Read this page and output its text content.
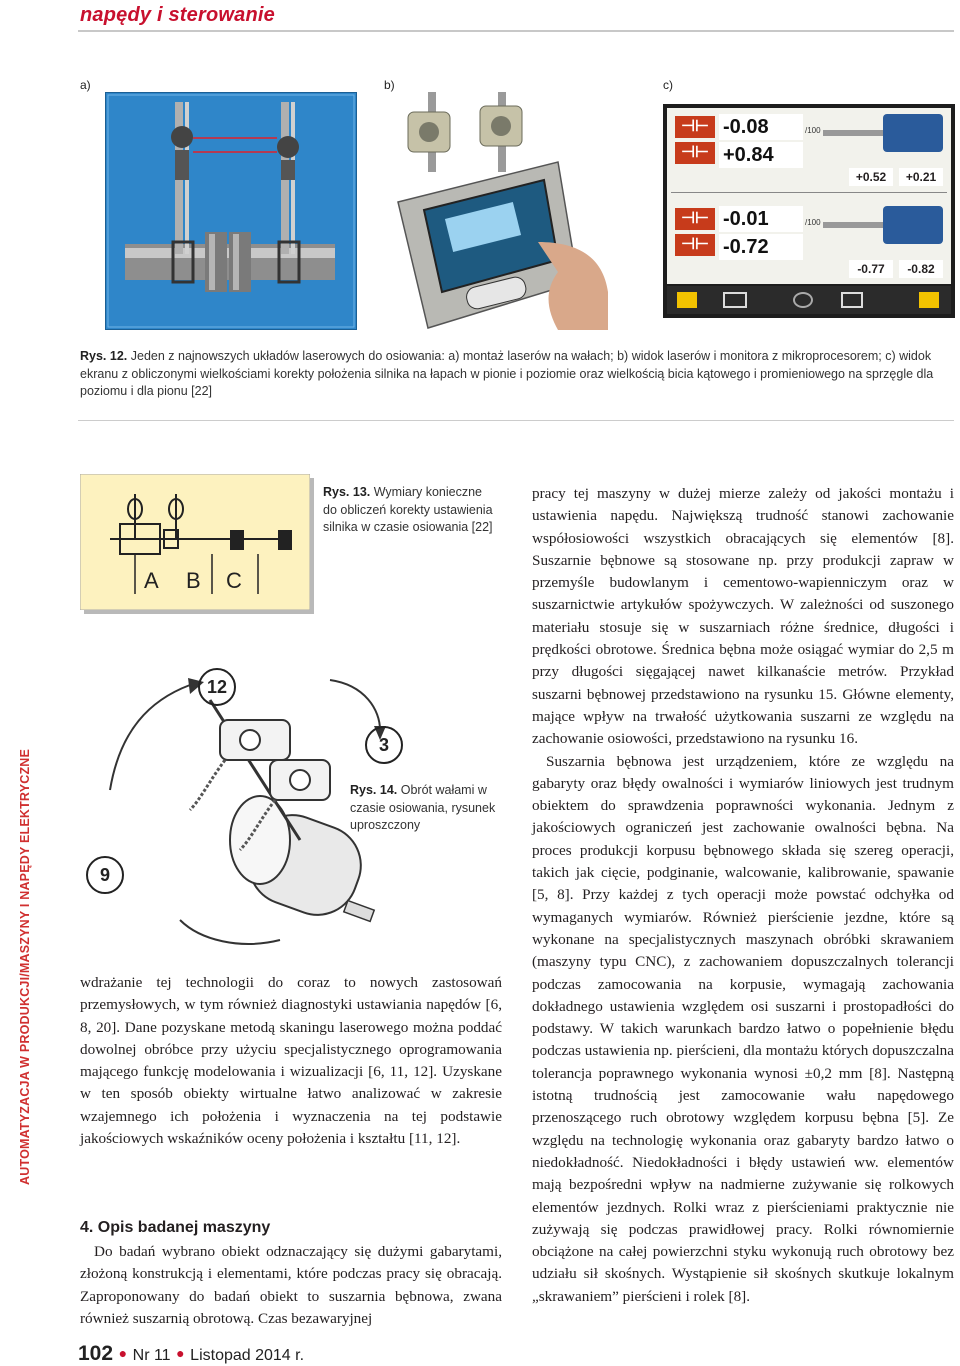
napędy i sterowanie
a)	b)	c)
⊣⊢
⊣⊢
-0.08
+0.84
/100
+0.52	+0.21
⊣⊢
⊣⊢
-0.01
-0.72
/100
-0.77	-0.82
Rys. 12. Jeden z najnowszych układów laserowych do osiowania: a) montaż laserów na wałach; b) widok laserów i monitora z mikroprocesorem; c) widok ekranu z obliczonymi wielkościami korekty położenia silnika na łapach w pionie i poziomie oraz wielkością bicia kątowego i promieniowego na sprzęgle dla poziomu i dla pionu [22]
A B C
Rys. 13. Wymiary konieczne do obliczeń korekty ustawienia silnika w czasie osiowania [22]
12
3
9
Rys. 14. Obrót wałami w czasie osiowania, rysunek uproszczony

wdrażanie tej technologii do coraz to nowych zastosowań przemysłowych, w tym również diagnostyki ustawiania napędów [6, 8, 20]. Dane pozyskane metodą skaningu laserowego można poddać dowolnej obróbce przy użyciu specjalistycznego oprogramowania mającego funkcję modelowania i wizualizacji [6, 11, 12]. Uzyskane w ten sposób obiekty wirtualne łatwo analizować w zakresie wzajemnego ich położenia i wyznaczenia na tej podstawie jakościowych wskaźników oceny położenia i kształtu [11, 12].

4. Opis badanej maszyny

Do badań wybrano obiekt odznaczający się dużymi gabarytami, złożoną konstrukcją i elementami, które podczas pracy się obracają. Zaproponowany do badań obiekt to suszarnia bębnowa, zwana również suszarnią obrotową. Czas bezawaryjnej

pracy tej maszyny w dużej mierze zależy od jakości montażu i ustawienia napędu. Największą trudność stanowi zachowanie współosiowości wszystkich obracających się elementów [8]. Suszarnie bębnowe są stosowane np. przy produkcji zapraw w przemyśle budowlanym i cementowo-wapienniczym oraz w suszarnictwie artykułów spożywczych. W zależności od suszonego materiału stosuje się w suszarniach różne średnice, długości i prędkości obrotowe. Średnica bębna może osiągać wymiar do 2,5 m przy długości sięgającej nawet kilkanaście metrów. Przykład suszarni bębnowej przedstawiono na rysunku 15. Główne elementy, mające wpływ na trwałość użytkowania suszarni ze względu na zachowanie osiowości, przedstawiono na rysunku 16.

Suszarnia bębnowa jest urządzeniem, które ze względu na gabaryty oraz błędy owalności i wymiarów liniowych jest trudnym obiektem do sprawdzenia poprawności wykonania. Jednym z jakościowych ograniczeń jest zachowanie owalności bębna. Na proces produkcji korpusu bębnowego składa się szereg operacji, takich jak cięcie, podginanie, walcowanie, kalibrowanie, spawanie [5, 8]. Przy każdej z tych operacji może powstać odchyłka od wymaganych wymiarów. Również pierścienie jezdne, które są wykonane na specjalistycznych maszynach obróbki skrawaniem (maszyny typu CNC), z zachowaniem dopuszczalnych tolerancji podczas zamocowania na korpusie, wymagają zachowania dokładnego ustawienia względem osi suszarni i prostopadłości do podstawy. W takich warunkach bardzo łatwo o popełnienie błędu podczas ustawienia np. pierścieni, dla montażu których dopuszczalna tolerancja poprawnego wykonania wynosi ±0,2 mm [8]. Następną istotną trudnością jest zamocowanie wału napędowego przenoszącego ruch obrotowy względem korpusu bębna [5]. Ze względu na technologię wykonania oraz gabaryty bardzo łatwo o niedokładność. Niedokładności i błędy ustawień ww. elementów mają bezpośredni wpływ na nadmierne zużywanie się rolkowych elementów jezdnych. Rolki wraz z pierścieniami praktycznie nie zużywają się podczas prawidłowej pracy. Rolki równomiernie obciążone na całej powierzchni styku wykonują ruch obrotowy bez udziału sił skośnych. Wystąpienie sił skośnych skutkuje lokalnym „skrawaniem” pierścieni i rolek [8].

AUTOMATYZACJA W PRODUKCJI/MASZYNY I NAPĘDY ELEKTRYCZNE
102 ● Nr 11 ● Listopad 2014 r.
